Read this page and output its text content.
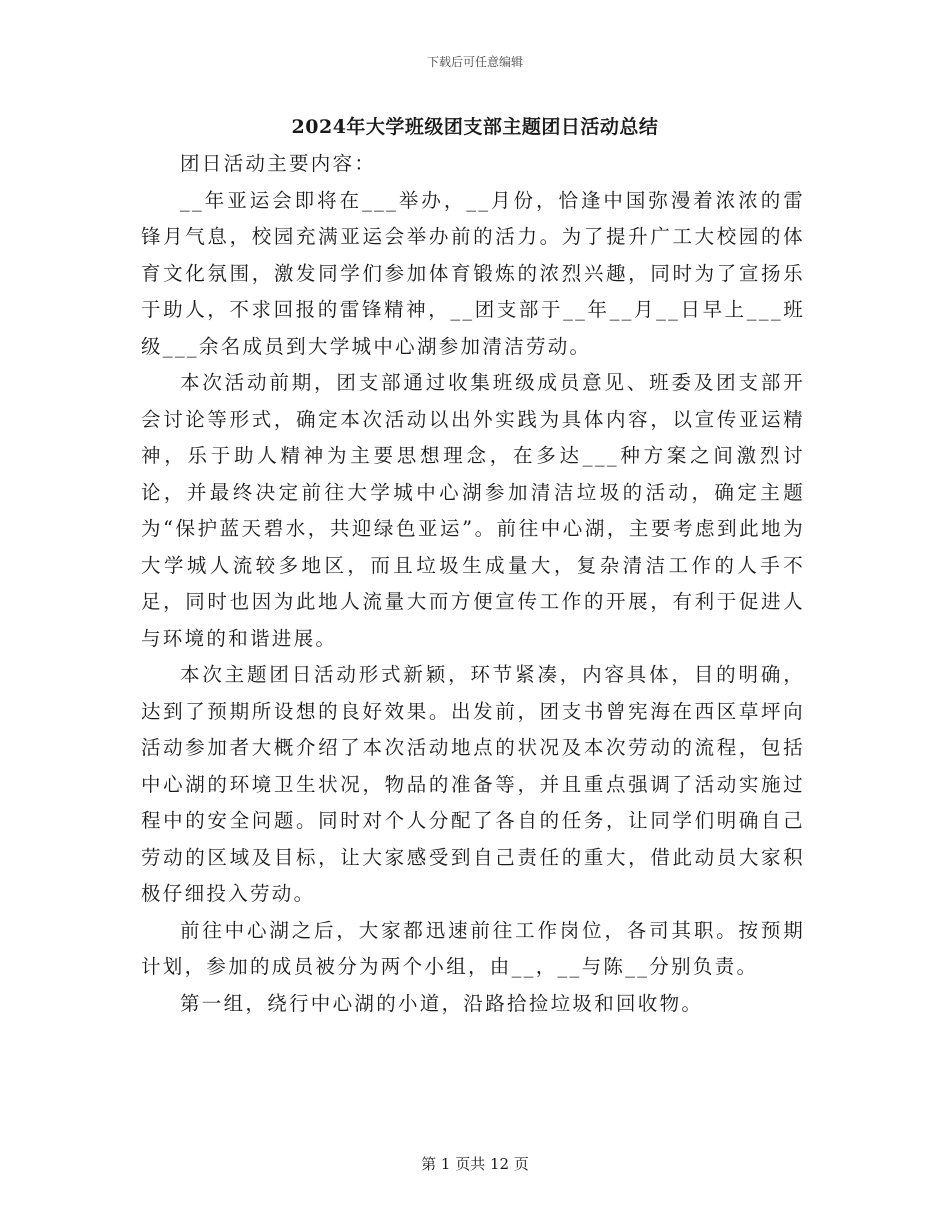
下载后可任意编辑
2024年大学班级团支部主题团日活动总结

团日活动主要内容：

__年亚运会即将在___举办，__月份，恰逢中国弥漫着浓浓的雷锋月气息，校园充满亚运会举办前的活力。为了提升广工大校园的体育文化氛围，激发同学们参加体育锻炼的浓烈兴趣，同时为了宣扬乐于助人，不求回报的雷锋精神，__团支部于__年__月__日早上___班级___余名成员到大学城中心湖参加清洁劳动。

本次活动前期，团支部通过收集班级成员意见、班委及团支部开会讨论等形式，确定本次活动以出外实践为具体内容，以宣传亚运精神，乐于助人精神为主要思想理念，在多达___种方案之间激烈讨论，并最终决定前往大学城中心湖参加清洁垃圾的活动，确定主题为“保护蓝天碧水，共迎绿色亚运”。前往中心湖，主要考虑到此地为大学城人流较多地区，而且垃圾生成量大，复杂清洁工作的人手不足，同时也因为此地人流量大而方便宣传工作的开展，有利于促进人与环境的和谐进展。

本次主题团日活动形式新颖，环节紧凑，内容具体，目的明确，达到了预期所设想的良好效果。出发前，团支书曾宪海在西区草坪向活动参加者大概介绍了本次活动地点的状况及本次劳动的流程，包括中心湖的环境卫生状况，物品的准备等，并且重点强调了活动实施过程中的安全问题。同时对个人分配了各自的任务，让同学们明确自己劳动的区域及目标，让大家感受到自己责任的重大，借此动员大家积极仔细投入劳动。

前往中心湖之后，大家都迅速前往工作岗位，各司其职。按预期计划，参加的成员被分为两个小组，由__，__与陈__分别负责。

第一组，绕行中心湖的小道，沿路拾捡垃圾和回收物。

第 1 页共 12 页
